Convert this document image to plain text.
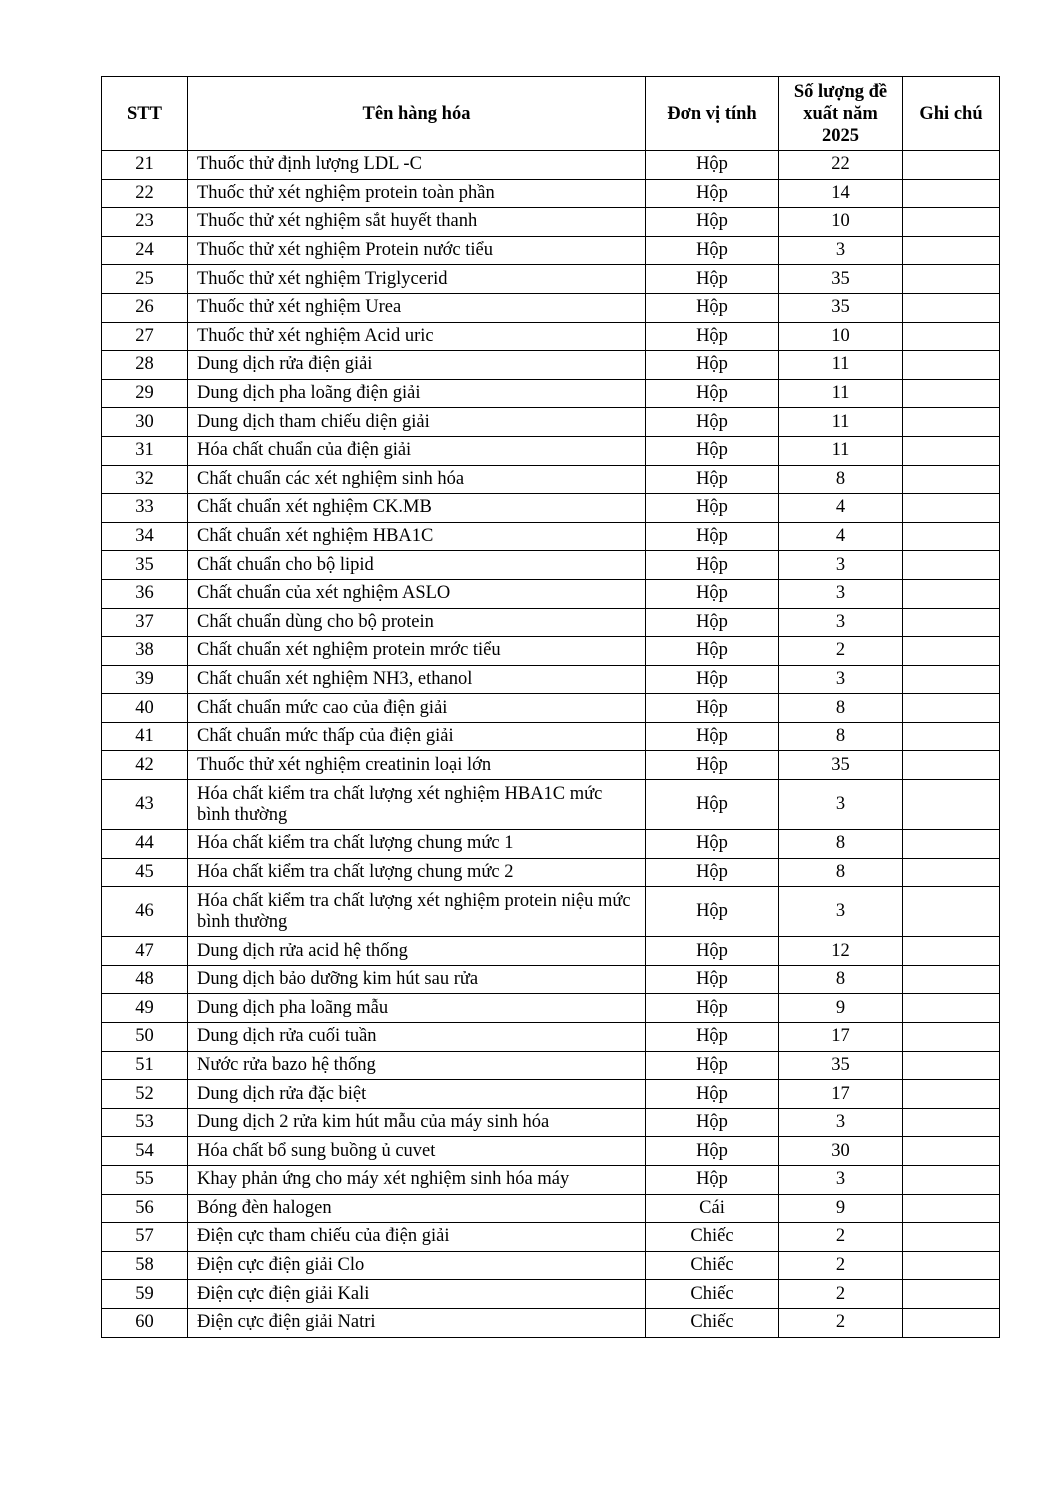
STT	Tên hàng hóa	Đơn vị tính	Số lượng đề xuất năm 2025	Ghi chú
21	Thuốc thử định lượng LDL -C	Hộp	22	
22	Thuốc thử xét nghiệm protein toàn phần	Hộp	14	
23	Thuốc thử xét nghiệm sắt huyết thanh	Hộp	10	
24	Thuốc thử xét nghiệm Protein nước tiểu	Hộp	3	
25	Thuốc thử xét nghiệm Triglycerid	Hộp	35	
26	Thuốc thử xét nghiệm Urea	Hộp	35	
27	Thuốc thử xét nghiệm Acid uric	Hộp	10	
28	Dung dịch rửa điện giải	Hộp	11	
29	Dung dịch pha loãng điện giải	Hộp	11	
30	Dung dịch tham chiếu diện giải	Hộp	11	
31	Hóa chất chuẩn của điện giải	Hộp	11	
32	Chất chuẩn các xét nghiệm sinh hóa	Hộp	8	
33	Chất chuẩn xét nghiệm CK.MB	Hộp	4	
34	Chất chuẩn xét nghiệm HBA1C	Hộp	4	
35	Chất chuẩn cho bộ lipid	Hộp	3	
36	Chất chuẩn của xét nghiệm ASLO	Hộp	3	
37	Chất chuẩn dùng cho bộ protein	Hộp	3	
38	Chất chuẩn xét nghiệm protein mrớc tiểu	Hộp	2	
39	Chất chuẩn xét nghiệm NH3, ethanol	Hộp	3	
40	Chất chuẩn mức cao của điện giải	Hộp	8	
41	Chất chuẩn mức thấp của điện giải	Hộp	8	
42	Thuốc thử xét nghiệm creatinin loại lớn	Hộp	35	
43	Hóa chất kiểm tra chất lượng xét nghiệm HBA1C mức bình thường	Hộp	3	
44	Hóa chất kiểm tra chất lượng chung mức 1	Hộp	8	
45	Hóa chất kiểm tra chất lượng chung mức 2	Hộp	8	
46	Hóa chất kiểm tra chất lượng xét nghiệm protein niệu mức bình thường	Hộp	3	
47	Dung dịch rửa acid hệ thống	Hộp	12	
48	Dung dịch bảo dưỡng kim hút sau rửa	Hộp	8	
49	Dung dịch pha loãng mẫu	Hộp	9	
50	Dung dịch rửa cuối tuần	Hộp	17	
51	Nước rửa bazo hệ thống	Hộp	35	
52	Dung dịch rửa đặc biệt	Hộp	17	
53	Dung dịch 2 rửa kim hút mẫu của máy sinh hóa	Hộp	3	
54	Hóa chất bổ sung buồng ủ cuvet	Hộp	30	
55	Khay phản ứng cho máy xét nghiệm sinh hóa máy	Hộp	3	
56	Bóng đèn halogen	Cái	9	
57	Điện cực tham chiếu của điện giải	Chiếc	2	
58	Điện cực điện giải Clo	Chiếc	2	
59	Điện cực điện giải Kali	Chiếc	2	
60	Điện cực điện giải Natri	Chiếc	2	
